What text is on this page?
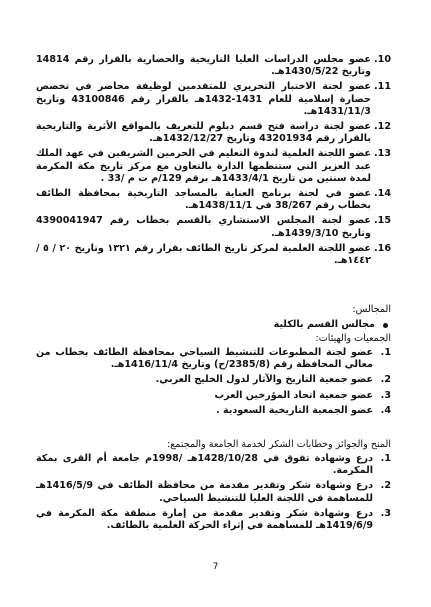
10.
عضو مجلس الدراسات العليا التاريخية والحضارية بالقرار رقم 14814 وتاريخ 1430/5/22هـ.
11.
عضو لجنة الاختبار التحريري للمتقدمين لوظيفة محاضر في تخصص حضارة إسلامية للعام 1431-1432هـ بالقرار رقم 43100846 وتاريخ 1431/11/3هـ.
12.
عضو لجنة دراسة فتح قسم دبلوم للتعريف بالمواقع الأثرية والتاريخية بالقرار رقم 43201934 وتاريخ 1432/12/27هـ.
13.
عضو اللجنة العلمية لندوة التعليم في الحرمين الشريفين في عهد الملك عبد العزيز التي ستنظمها الدارة بالتعاون مع مركز تاريخ مكة المكرمة لمدة سنتين من تاريخ 1433/4/1هـ برقم 129/م ت م /33 .
14.
عضو في لجنة برنامج العناية بالمساجد التاريخية بمحافظة الطائف بخطاب رقم 38/267 في 1438/11/1هـ.
15.
عضو لجنة المجلس الاستشاري بالقسم بخطاب رقم 4390041947 وتاريخ 1439/3/10هـ.
16.
عضو اللجنة العلمية لمركز تاريخ الطائف بقرار رقم ١٣٢١ وتاريخ ٢٠ / ٥ / ١٤٤٢هـ.

المجالس:

مجالس القسم بالكلية

الجمعيات والهيئات:

1.
عضو لجنة المطبوعات للتنشيط السياحي بمحافظة الطائف بخطاب من معالي المحافظة رقم (2385/8/ح) وتاريخ 1416/11/4هـ.
2.
عضو جمعية التاريخ والآثار لدول الخليج العربي.
3.
عضو جمعية اتحاد المؤرخين العرب
4.
عضو الجمعية التاريخية السعودية .

المنح والجوائز وخطابات الشكر لخدمة الجامعة والمجتمع:

1.
درع وشهادة تفوق في 1428/10/28هـ /1998م جامعة أم القرى بمكة المكرمة.
2.
درع وشهادة شكر وتقدير مقدمة من محافظة الطائف في 1416/5/9هـ للمساهمة في اللجنة العليا للتنشيط السياحي.
3.
درع وشهادة شكر وتقدير مقدمة من إمارة منطقة مكة المكرمة في 1419/6/9هـ للمساهمة في إثراء الحركة العلمية بالطائف.
7
